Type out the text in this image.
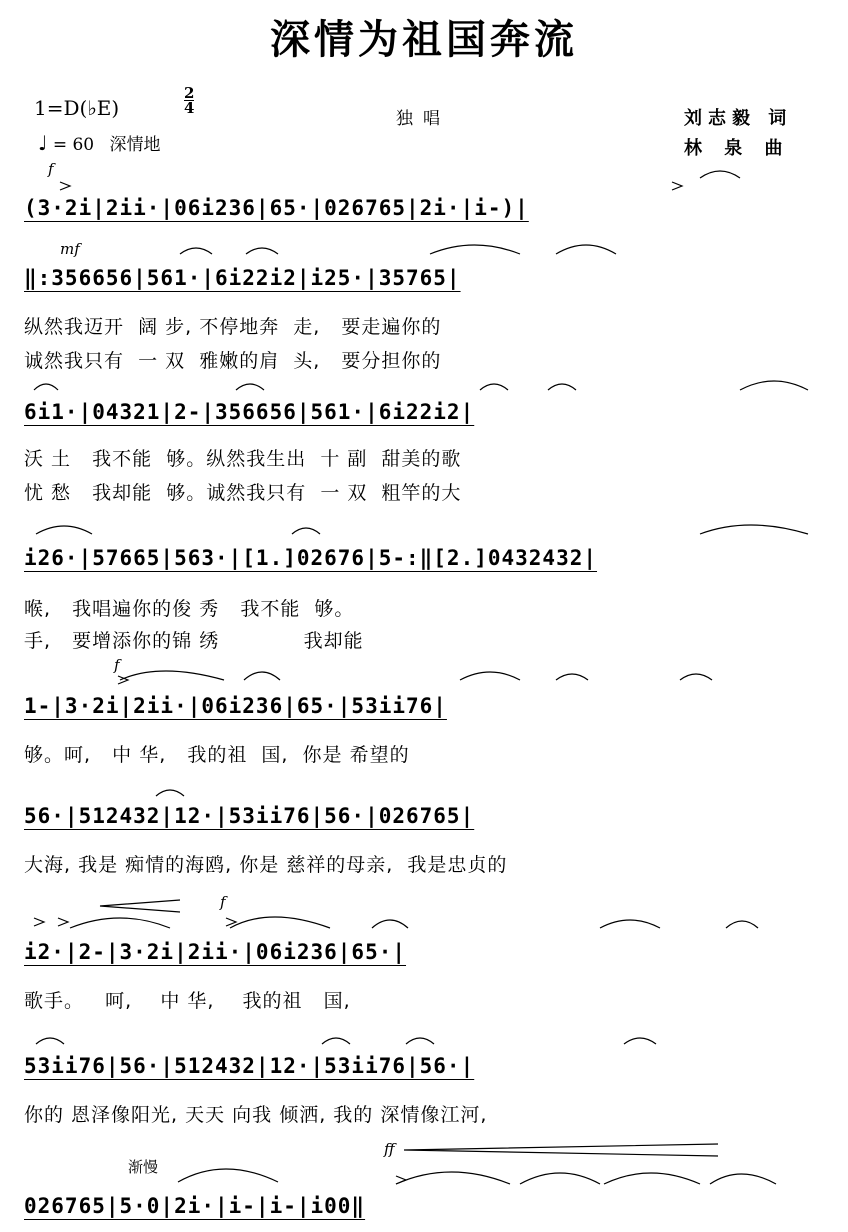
深情为祖国奔流
1=D(♭E)
2
4
独唱	刘志毅 词
林 泉 曲
♩ = 60 深情地
f
mf
f
f
ff
渐慢
(3·2i|2ii·|06i236|65·|026765|2i·|i-)|
‖:356656|561·|6i22i2|i25·|35765|
纵然我迈开  阔 步, 不停地奔  走,   要走遍你的
诚然我只有  一 双  雅嫩的肩  头,   要分担你的
6i1·|04321|2-|356656|561·|6i22i2|
沃 土   我不能  够。纵然我生出  十 副  甜美的歌
忧 愁   我却能  够。诚然我只有  一 双  粗竿的大
i26·|57665|563·|[1.]02676|5-:‖[2.]0432432|
喉,   我唱遍你的俊 秀   我不能  够。
手,   要增添你的锦 绣            我却能
1-|3·2i|2ii·|06i236|65·|53ii76|
够。呵,   中 华,   我的祖  国,  你是 希望的
56·|512432|12·|53ii76|56·|026765|
大海, 我是 痴情的海鸥, 你是 慈祥的母亲,  我是忠贞的
i2·|2-|3·2i|2ii·|06i236|65·|
歌手。   呵,    中 华,    我的祖   国,
53ii76|56·|512432|12·|53ii76|56·|
你的 恩泽像阳光, 天天 向我 倾洒, 我的 深情像江河,
026765|5·0|2i·|i-|i-|i00‖
